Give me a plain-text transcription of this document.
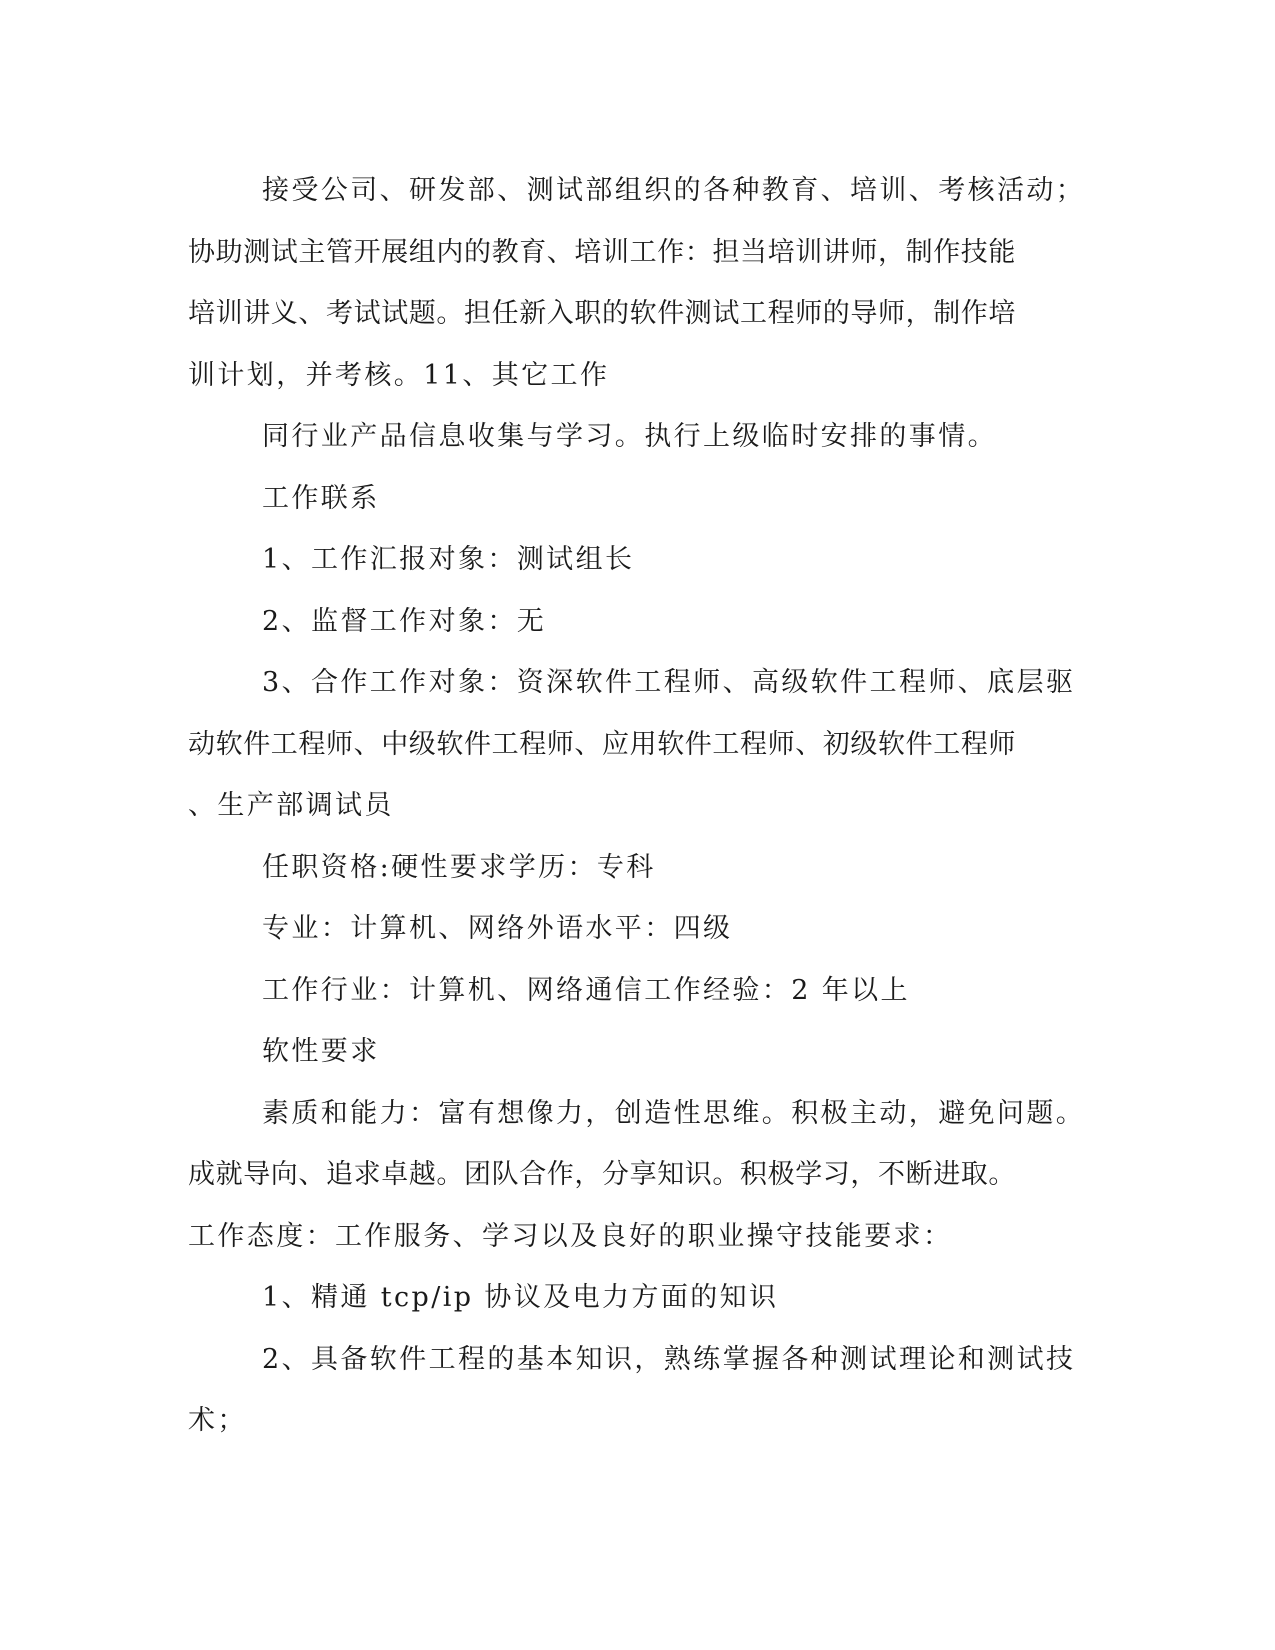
接受公司、研发部、测试部组织的各种教育、培训、考核活动；
协助测试主管开展组内的教育、培训工作：担当培训讲师，制作技能
培训讲义、考试试题。担任新入职的软件测试工程师的导师，制作培
训计划，并考核。11、其它工作
同行业产品信息收集与学习。执行上级临时安排的事情。
工作联系
1、工作汇报对象：测试组长
2、监督工作对象：无
3、合作工作对象：资深软件工程师、高级软件工程师、底层驱
动软件工程师、中级软件工程师、应用软件工程师、初级软件工程师
、生产部调试员
任职资格:硬性要求学历：专科
专业：计算机、网络外语水平：四级
工作行业：计算机、网络通信工作经验：2 年以上
软性要求
素质和能力：富有想像力，创造性思维。积极主动，避免问题。
成就导向、追求卓越。团队合作，分享知识。积极学习，不断进取。
工作态度：工作服务、学习以及良好的职业操守技能要求：
1、精通 tcp/ip 协议及电力方面的知识
2、具备软件工程的基本知识，熟练掌握各种测试理论和测试技
术；
